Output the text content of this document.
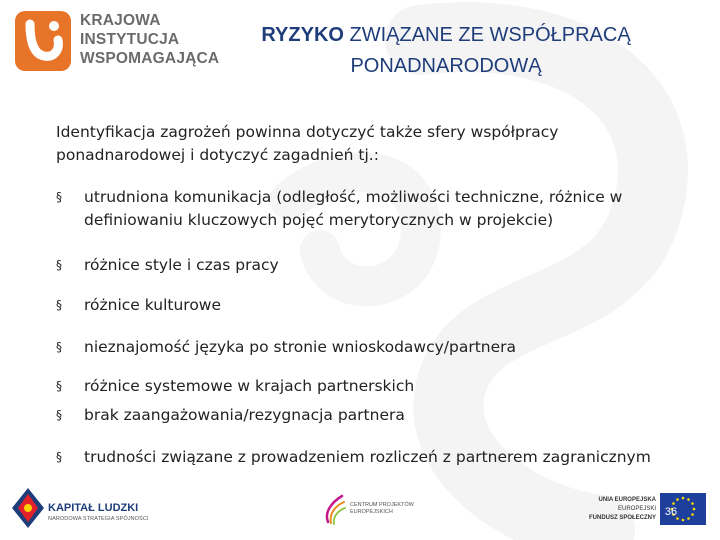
KRAJOWA
INSTYTUCJA
WSPOMAGAJĄCA
RYZYKO ZWIĄZANE ZE WSPÓŁPRACĄ PONADNARODOWĄ
Identyfikacja zagrożeń powinna dotyczyć także sfery współpracy ponadnarodowej i dotyczyć zagadnień tj.:
§	utrudniona komunikacja (odległość, możliwości techniczne, różnice w definiowaniu kluczowych pojęć merytorycznych w projekcie)
§	różnice style i czas pracy
§	różnice kulturowe
§	nieznajomość języka po stronie wnioskodawcy/partnera
§	różnice systemowe w krajach partnerskich
§	brak zaangażowania/rezygnacja partnera
§	trudności związane z prowadzeniem rozliczeń z partnerem zagranicznym
KAPITAŁ LUDZKI
NARODOWA STRATEGIA SPÓJNOŚCI
CENTRUM PROJEKTÓW
EUROPEJSKICH
UNIA EUROPEJSKA
EUROPEJSKI
FUNDUSZ SPOŁECZNY 36
